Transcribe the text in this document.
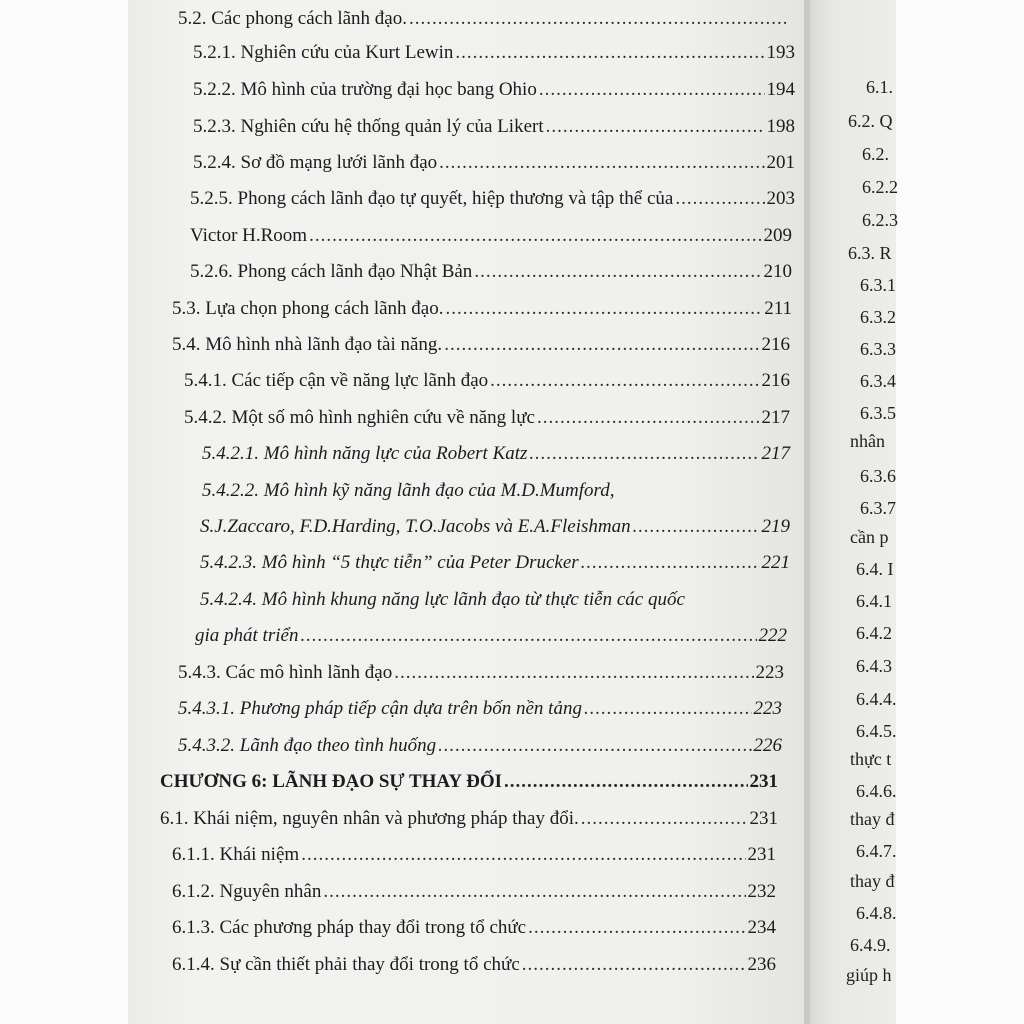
5.2. Các phong cách lãnh đạo.
.....
5.2.1. Nghiên cứu của Kurt Lewin .....	193
5.2.2. Mô hình của trường đại học bang Ohio .....	194
5.2.3. Nghiên cứu hệ thống quản lý của Likert .....	198
5.2.4. Sơ đồ mạng lưới lãnh đạo .....	201
5.2.5. Phong cách lãnh đạo tự quyết, hiệp thương và tập thể của .....	203
Victor H.Room .....	209
5.2.6. Phong cách lãnh đạo Nhật Bản .....	210
5.3. Lựa chọn phong cách lãnh đạo. .....	211
5.4. Mô hình nhà lãnh đạo tài năng. .....	216
5.4.1. Các tiếp cận về năng lực lãnh đạo .....	216
5.4.2. Một số mô hình nghiên cứu về năng lực .....	217
5.4.2.1. Mô hình năng lực của Robert Katz .....	217
5.4.2.2. Mô hình kỹ năng lãnh đạo của M.D.Mumford,
S.J.Zaccaro, F.D.Harding, T.O.Jacobs và E.A.Fleishman .....	219
5.4.2.3. Mô hình “5 thực tiễn” của Peter Drucker .....	221
5.4.2.4. Mô hình khung năng lực lãnh đạo từ thực tiễn các quốc
gia phát triển .....	222
5.4.3. Các mô hình lãnh đạo .....	223
5.4.3.1. Phương pháp tiếp cận dựa trên bốn nền tảng .....	223
5.4.3.2. Lãnh đạo theo tình huống .....	226
CHƯƠNG 6: LÃNH ĐẠO SỰ THAY ĐỔI .....	231
6.1. Khái niệm, nguyên nhân và phương pháp thay đổi. .....	231
6.1.1. Khái niệm .....	231
6.1.2. Nguyên nhân .....	232
6.1.3. Các phương pháp thay đổi trong tổ chức .....	234
6.1.4. Sự cần thiết phải thay đổi trong tổ chức .....	236
6.1.
6.2. Q
6.2.
6.2.2
6.2.3
6.3. R
6.3.1
6.3.2
6.3.3
6.3.4
6.3.5
nhân
6.3.6
6.3.7
cần p
6.4. I
6.4.1
6.4.2
6.4.3
6.4.4.
6.4.5.
thực t
6.4.6.
thay đ
6.4.7.
thay đ
6.4.8.
6.4.9.
giúp h
